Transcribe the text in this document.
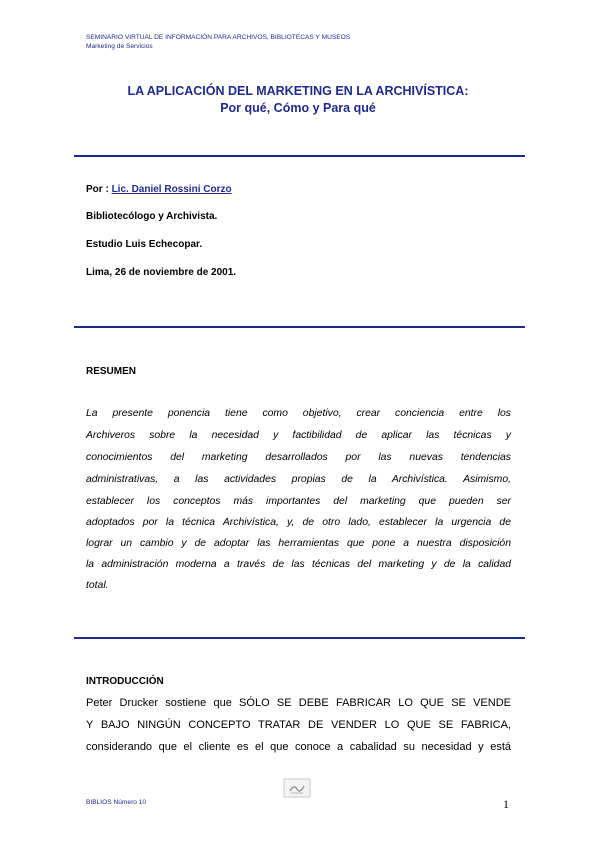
SEMINARIO VIRTUAL DE INFORMACIÓN PARA ARCHIVOS, BIBLIOTECAS Y MUSEOS
Marketing de Servicios
LA APLICACIÓN DEL MARKETING EN LA ARCHIVÍSTICA:
Por qué, Cómo y Para qué
Por : Lic. Daniel Rossini Corzo
Bibliotecólogo y Archivista.
Estudio Luis Echecopar.
Lima, 26 de noviembre de 2001.
RESUMEN
La presente ponencia tiene como objetivo, crear conciencia entre los
Archiveros sobre la necesidad y factibilidad de aplicar las técnicas y
conocimientos del marketing desarrollados por las nuevas tendencias
administrativas, a las actividades propias de la Archivística. Asimismo,
establecer los conceptos más importantes del marketing que pueden ser
adoptados por la técnica Archivística, y, de otro lado, establecer la urgencia de
lograr un cambio y de adoptar las herramientas que pone a nuestra disposición
la administración moderna a través de las técnicas del marketing y de la calidad
total.
INTRODUCCIÓN
Peter Drucker sostiene que SÓLO SE DEBE FABRICAR LO QUE SE VENDE
Y BAJO NINGÚN CONCEPTO TRATAR DE VENDER LO QUE SE FABRICA,
considerando que el cliente es el que conoce a cabalidad su necesidad y está
BIBLIOS Número 10	1
